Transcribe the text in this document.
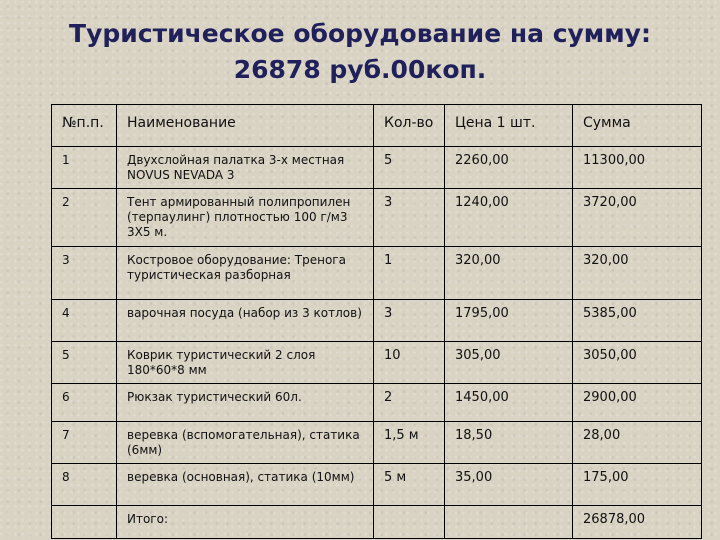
Туристическое оборудование на сумму:
26878 руб.00коп.
№п.п.	Наименование	Кол-во	Цена 1 шт.	Сумма
1	Двухслойная палатка 3-х местная NOVUS NEVADA 3	5	2260,00	11300,00
2	Тент армированный полипропилен (терпаулинг) плотностью 100 г/м3 3Х5 м.	3	1240,00	3720,00
3	Костровое оборудование: Тренога туристическая разборная	1	320,00	320,00
4	варочная посуда (набор из 3 котлов)	3	1795,00	5385,00
5	Коврик туристический 2 слоя 180*60*8 мм	10	305,00	3050,00
6	Рюкзак туристический 60л.	2	1450,00	2900,00
7	веревка (вспомогательная), статика (6мм)	1,5 м	18,50	28,00
8	веревка (основная), статика (10мм)	5 м	35,00	175,00
	Итого:			26878,00
